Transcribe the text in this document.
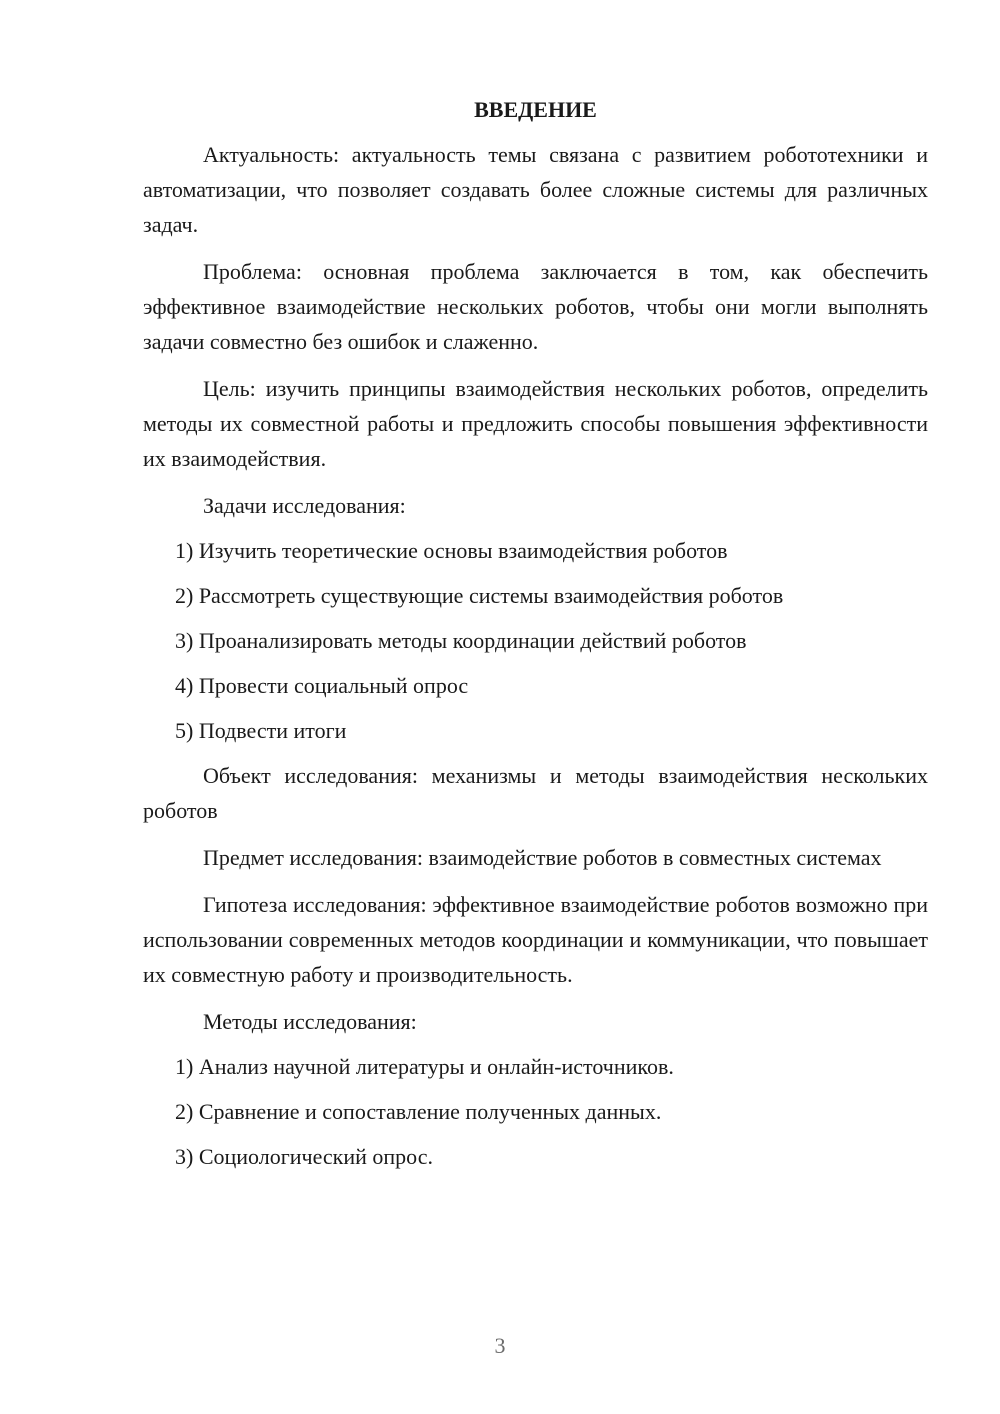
ВВЕДЕНИЕ

Актуальность: актуальность темы связана с развитием робототехники и автоматизации, что позволяет создавать более сложные системы для различных задач.

Проблема: основная проблема заключается в том, как обеспечить эффективное взаимодействие нескольких роботов, чтобы они могли выполнять задачи совместно без ошибок и слаженно.

Цель: изучить принципы взаимодействия нескольких роботов, определить методы их совместной работы и предложить способы повышения эффективности их взаимодействия.

Задачи исследования:

1) Изучить теоретические основы взаимодействия роботов

2) Рассмотреть существующие системы взаимодействия роботов

3) Проанализировать методы координации действий роботов

4) Провести социальный опрос

5) Подвести итоги

Объект исследования: механизмы и методы взаимодействия нескольких роботов

Предмет исследования: взаимодействие роботов в совместных системах

Гипотеза исследования: эффективное взаимодействие роботов возможно при использовании современных методов координации и коммуникации, что повышает их совместную работу и производительность.

Методы исследования:

1) Анализ научной литературы и онлайн-источников.

2) Сравнение и сопоставление полученных данных.

3) Социологический опрос.

3
